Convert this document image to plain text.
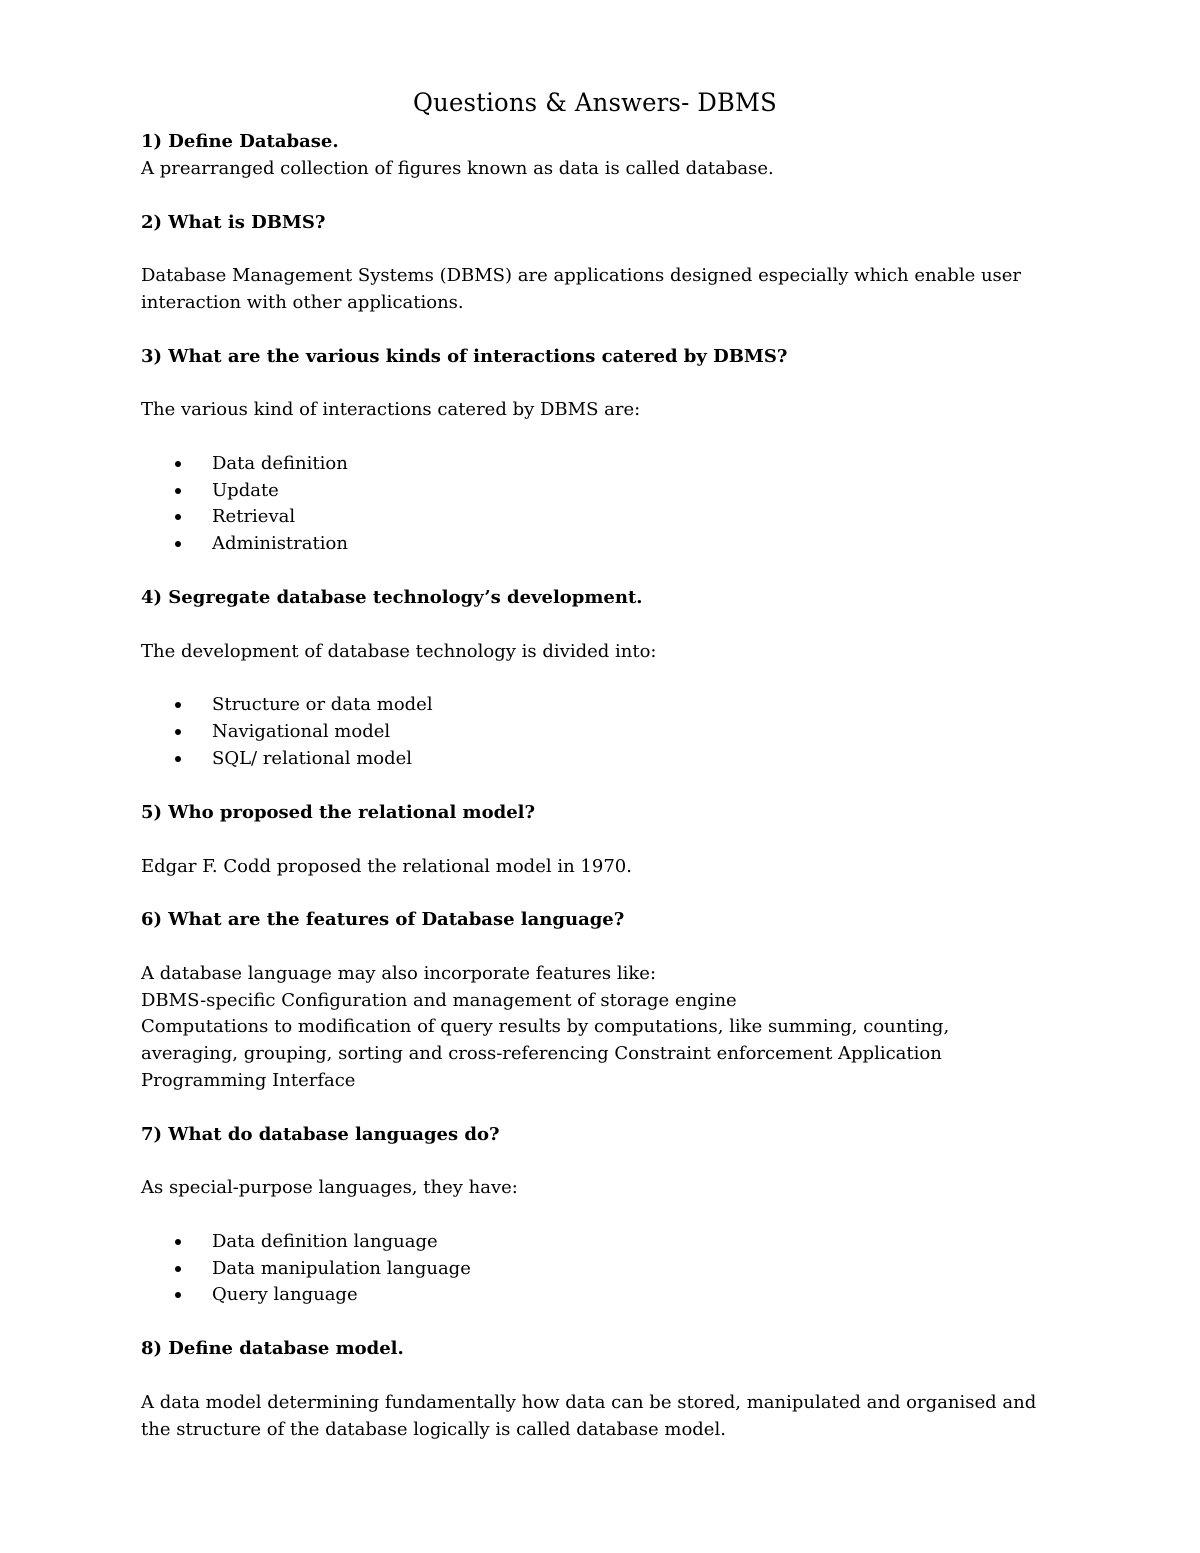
Questions & Answers- DBMS
1) Define Database.
A prearranged collection of figures known as data is called database.
2) What is DBMS?
Database Management Systems (DBMS) are applications designed especially which enable user
interaction with other applications.
3) What are the various kinds of interactions catered by DBMS?
The various kind of interactions catered by DBMS are:
Data definition
Update
Retrieval
Administration
4) Segregate database technology’s development.
The development of database technology is divided into:
Structure or data model
Navigational model
SQL/ relational model
5) Who proposed the relational model?
Edgar F. Codd proposed the relational model in 1970.
6) What are the features of Database language?
A database language may also incorporate features like:
DBMS-specific Configuration and management of storage engine
Computations to modification of query results by computations, like summing, counting,
averaging, grouping, sorting and cross-referencing Constraint enforcement Application
Programming Interface
7) What do database languages do?
As special-purpose languages, they have:
Data definition language
Data manipulation language
Query language
8) Define database model.
A data model determining fundamentally how data can be stored, manipulated and organised and
the structure of the database logically is called database model.
